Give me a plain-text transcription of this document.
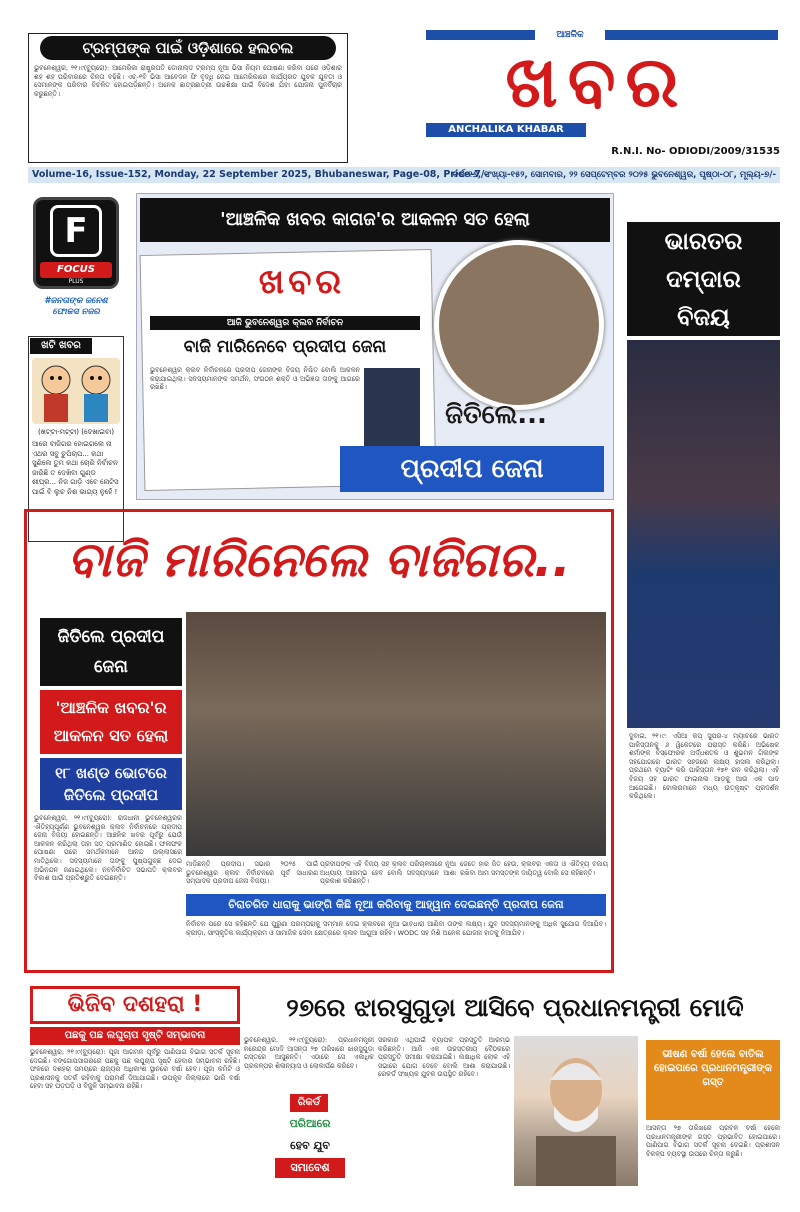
ଟ୍ରମ୍ପଙ୍କ ପାଇଁ ଓଡ଼ିଶାରେ ହଲଚଲ
ଭୁବନେଶ୍ୱର, ୨୧।୯(ବ୍ୟୁରୋ): ଆମେରିକା ରାଷ୍ଟ୍ରପତି ଡୋନାଲ୍ଡ ଟ୍ରମ୍ପ ନୂଆ ଭିସା ନିୟମ ଘୋଷଣା କରିବା ପରେ ଓଡ଼ିଶାର ଶହ ଶହ ପରିବାରରେ ଚିନ୍ତା ବଢ଼ିଛି। ଏଚ୍-୧ବି ଭିସା ଆବେଦନ ଫି ବୃଦ୍ଧି ନେଇ ଆମେରିକାରେ କାର୍ଯ୍ୟରତ ଯୁବକ ଯୁବତୀ ଓ ସେମାନଙ୍କ ପରିବାର ବିଚଳିତ ହୋଇପଡ଼ିଛନ୍ତି। ଅନେକ ଛାତ୍ରଛାତ୍ରୀ ଉଚ୍ଚଶିକ୍ଷା ପାଇଁ ବିଦେଶ ଯିବା ଯୋଜନା ପୁନର୍ବିଚାର କରୁଛନ୍ତି।
ଆଞ୍ଚଳିକ
ଖବର
ANCHALIKA KHABAR
R.N.I. No- ODIODI/2009/31535
Volume-16, Issue-152, Monday, 22 September 2025, Bhubaneswar, Page-08, Price-7/-
ବର୍ଷ-୧୬, ସଂଖ୍ୟା-୧୫୨, ସୋମବାର, ୨୨ ସେପ୍ଟେମ୍ବର ୨୦୨୫ ଭୁବନେଶ୍ୱର, ପୃଷ୍ଠା-୦୮, ମୂଲ୍ୟ-୭/-
F
FOCUS
PLUS
#ଜନତାଙ୍କ ଜନେଶ ଫୋକସ ନଜର
ଖଟି ଖବର
(ଖଟ୍ଟା-ମଟ୍ଟା) (ଦେଖାଇବା)
ଆରେ ବାଜିଗର ହୋଇଗଲେ ନା ଏଥର ସବୁ ଚୁପିଚାପ... କଥା ସୁଣିଲେ ତୁମ କଥା ଚୋରି ନିର୍ବାଚନ ଜାରିଛି ତ ଦେଖିବା ଗୁଣ୍ଡ ଶୀଘ୍ର... ନିଜ ଗାଡ଼ି ଏବେ ନୋଟିସ ପାଇଁ ବି ଲୁଚ ନିଶ ଭାଗ୍ୟ ନୁହେଁ !
'ଆଞ୍ଚଳିକ ଖବର କାଗଜ'ର ଆକଳନ ସତ ହେଲା
ଖବର
ଆଜି ଭୁବନେଶ୍ୱର କ୍ଲବ ନିର୍ବାଚନ
ବାଜି ମାରିନେବେ ପ୍ରଦୀପ ଜେନା
ଭୁବନେଶ୍ୱର କ୍ଲବ ନିର୍ବାଚନରେ ପ୍ରଦୀପ ଜେନାଙ୍କ ବିଜୟ ନିଶ୍ଚିତ ବୋଲି ଆକଳନ କରାଯାଇଥିଲା। ସଦସ୍ୟମାନଙ୍କ ସମର୍ଥନ, ସଂଗଠନ ଶକ୍ତି ଓ ଅଭିଜ୍ଞତା ତାଙ୍କୁ ଆଗରେ ରଖିଛି।
ଜିତିଲେ...
ପ୍ରଦୀପ ଜେନା
ଭାରତର
ଦମ୍‌ଦାର
ବିଜୟ
ଦୁବାଇ, ୨୧।୯: ଏସିଆ କପ୍ ସୁପର-୪ ମ୍ୟାଚରେ ଭାରତ ପାକିସ୍ତାନକୁ ୬ ୱିକେଟରେ ପରାସ୍ତ କରିଛି। ଅଭିଷେକ ଶର୍ମାଙ୍କ ବିସ୍ଫୋରକ ଅର୍ଦ୍ଧଶତକ ଓ ଶୁଭମନ ଗିଲଙ୍କ ସହଯୋଗରେ ଭାରତ ସହଜରେ ଲକ୍ଷ୍ୟ ହାସଲ କରିଥିଲା। ପ୍ରଥମେ ବ୍ୟାଟିଂ କରି ପାକିସ୍ତାନ ୧୭୧ ରନ କରିଥିଲା। ଏହି ବିଜୟ ସହ ଭାରତ ଫାଇନାଲ ଆଡ଼କୁ ଆଉ ଏକ ପାଦ ଆଗେଇଛି। ବୋଲରମାନେ ମଧ୍ୟ ଉତ୍କୃଷ୍ଟ ପ୍ରଦର୍ଶନ କରିଥିଲେ।
ବାଜି ମାରିନେଲେ ବାଜିଗର..
ଜିତିଲେ ପ୍ରଦୀପ ଜେନା
'ଆଞ୍ଚଳିକ ଖବର'ର ଆକଳନ ସତ ହେଲା
୧୮ ଖଣ୍ଡ ଭୋଟରେ ଜିତିଲେ ପ୍ରଦୀପ
ଭୁବନେଶ୍ୱର, ୨୧।୯(ବ୍ୟୁରୋ): ରାଜଧାନୀ ଭୁବନେଶ୍ୱରର ଐତିହ୍ୟପୂର୍ଣ୍ଣ ଭୁବନେଶ୍ୱର କ୍ଲବ ନିର୍ବାଚନରେ ପ୍ରଦୀପ ଜେନା ବିଜୟୀ ହୋଇଛନ୍ତି। ଆଞ୍ଚଳିକ ଖବର ପୂର୍ବରୁ ଯେଉଁ ଆକଳନ କରିଥିଲା ତାହା ସତ ପ୍ରମାଣିତ ହୋଇଛି। ଫଳାଫଳ ଘୋଷଣା ପରେ ସମର୍ଥକମାନେ ଆନନ୍ଦ ଉଲ୍ଲାସରେ ମାତିଥିଲେ। ସଦସ୍ୟମାନେ ତାଙ୍କୁ ପୁଷ୍ପଗୁଚ୍ଛ ଦେଇ ଅଭିନନ୍ଦନ ଜଣାଇଥିଲେ। ନବନିର୍ବାଚିତ ସଭାପତି କ୍ଲବର ବିକାଶ ପାଇଁ ପ୍ରତିଶ୍ରୁତି ଦେଇଛନ୍ତି।
ମାଡ଼ିଛନ୍ତି ପ୍ରଦୀପ। ସଭାର ୨୦୨୫ ପାଇଁ ଭୁବନେଶ୍ୱର କ୍ଲବ ନିର୍ବାଚନରେ ପୂର୍ବ ସାଧାରଣ ସମ୍ପାଦକ ପ୍ରଦୀପ ଜେନା ବିଜୟୀ।
ପ୍ରଦୀପଙ୍କ ଏହି ବିଜୟ ସହ କ୍ଲବ ପରିଚାଳନାରେ ନୂଆ ଅଧ୍ୟାୟ ଆରମ୍ଭ ହେବ ବୋଲି ସଦସ୍ୟମାନେ ଆଶା ପ୍ରକାଶ କରିଛନ୍ତି।
ଜେତେ ହାର ଜିତ ହେଉ, କ୍ଲବର ଏକତା ଓ ଐତିହ୍ୟ ବଜାୟ ରଖିବା ଆମ ସମସ୍ତଙ୍କ ଦାୟିତ୍ୱ ବୋଲି ସେ କହିଛନ୍ତି।
ଚିରାଚରିତ ଧାରାକୁ ଭାଙ୍ଗି କିଛି ନୂଆ କରିବାକୁ ଆହ୍ୱାନ ଦେଇଛନ୍ତି ପ୍ରଦୀପ ଜେନା
ନିର୍ବାଚନ ପରେ ସେ କହିଛନ୍ତି ଯେ ପୁରୁଣା ପରମ୍ପରାକୁ ସମ୍ମାନ ଦେଇ କ୍ଲବରେ ନୂଆ ଭାବଧାରା ଆଣିବା ତାଙ୍କ ଲକ୍ଷ୍ୟ। ଯୁବ ସଦସ୍ୟମାନଙ୍କୁ ଅଧିକ ସୁଯୋଗ ଦିଆଯିବ। କ୍ରୀଡ଼ା, ସାଂସ୍କୃତିକ କାର୍ଯ୍ୟକ୍ରମ ଓ ସାମାଜିକ ସେବା କ୍ଷେତ୍ରରେ କ୍ଲବ ଆଗୁଆ ରହିବ। WODC ସହ ମିଶି ଅନେକ ଯୋଜନା ହାତକୁ ନିଆଯିବ।
ଭିଜିବ ଦଶହରା !
ପଛକୁ ପଛ ଲଘୁଚାପ ସୃଷ୍ଟି ସମ୍ଭାବନା
ଭୁବନେଶ୍ୱର, ୨୧।୯(ବ୍ୟୁରୋ): ପୂଜା ଆଗମନ ପୂର୍ବରୁ ପାଣିପାଗ ବିଭାଗ ସତର୍କ ସୂଚନା ଦେଇଛି। ବଙ୍ଗୋପସାଗରରେ ପଛକୁ ପଛ ଲଘୁଚାପ ସୃଷ୍ଟି ହେବାର ସମ୍ଭାବନା ରହିଛି। ଫଳରେ ଦଶହରା ସମୟରେ ରାଜ୍ୟର ଅଧିକାଂଶ ସ୍ଥାନରେ ବର୍ଷା ହେବ। ପୂଜା କମିଟି ଓ ପ୍ରଶାସନକୁ ସତର୍କ ରହିବାକୁ ପରାମର୍ଶ ଦିଆଯାଇଛି। ଉପକୂଳ ଜିଲ୍ଲାରେ ଭାରି ବର୍ଷା ହେବା ସହ ଘଡ଼ଘଡ଼ି ଓ ବିଜୁଳି ସମ୍ଭାବନା ରହିଛି।
୨୭ରେ ଝାରସୁଗୁଡ଼ା ଆସିବେ ପ୍ରଧାନମନ୍ତ୍ରୀ ମୋଦି
ଭୁବନେଶ୍ୱର, ୨୧।୯(ବ୍ୟୁରୋ): ପ୍ରଧାନମନ୍ତ୍ରୀ ନରେନ୍ଦ୍ର ମୋଦି ଆସନ୍ତା ୨୭ ତାରିଖରେ ଝାରସୁଗୁଡ଼ା ଗସ୍ତରେ ଆସୁଛନ୍ତି। ଏଠାରେ ସେ ଏକାଧିକ ପ୍ରକଳ୍ପର ଶିଳାନ୍ୟାସ ଓ ଲୋକାର୍ପଣ କରିବେ।
ରିକର୍ଡ
ପରିଆରେ
ହେବ ଯୁବ
ସମାବେଶ
ସରକାର ଏଥିପାଇଁ ବ୍ୟାପକ ପ୍ରସ୍ତୁତି ଆରମ୍ଭ କରିଛନ୍ତି। ଆଜି ଏକ ଉଚ୍ଚସ୍ତରୀୟ ବୈଠକରେ ପ୍ରସ୍ତୁତି ସମୀକ୍ଷା କରାଯାଇଛି। ଲକ୍ଷାଧିକ ଲୋକ ଏହି ସଭାରେ ଯୋଗ ଦେବେ ବୋଲି ଆଶା କରାଯାଉଛି। ରେକର୍ଡ ସଂଖ୍ୟକ ଯୁବକ ଉପସ୍ଥିତ ରହିବେ।
ଭୀଷଣ ବର୍ଷା ହେଲେ ବାତିଲ ହୋଇପାରେ ପ୍ରଧାନମନ୍ତ୍ରୀଙ୍କ ଗସ୍ତ
ଆସନ୍ତା ୨୭ ତାରିଖରେ ପ୍ରବଳ ବର୍ଷା ହେଲେ ପ୍ରଧାନମନ୍ତ୍ରୀଙ୍କ ଗସ୍ତ ପ୍ରଭାବିତ ହୋଇପାରେ। ପାଣିପାଗ ବିଭାଗ ସତର୍କ ସୂଚନା ଦେଇଛି। ପ୍ରଶାସନ ବିକଳ୍ପ ବ୍ୟବସ୍ଥା ଉପରେ ଚିନ୍ତା କରୁଛି।
